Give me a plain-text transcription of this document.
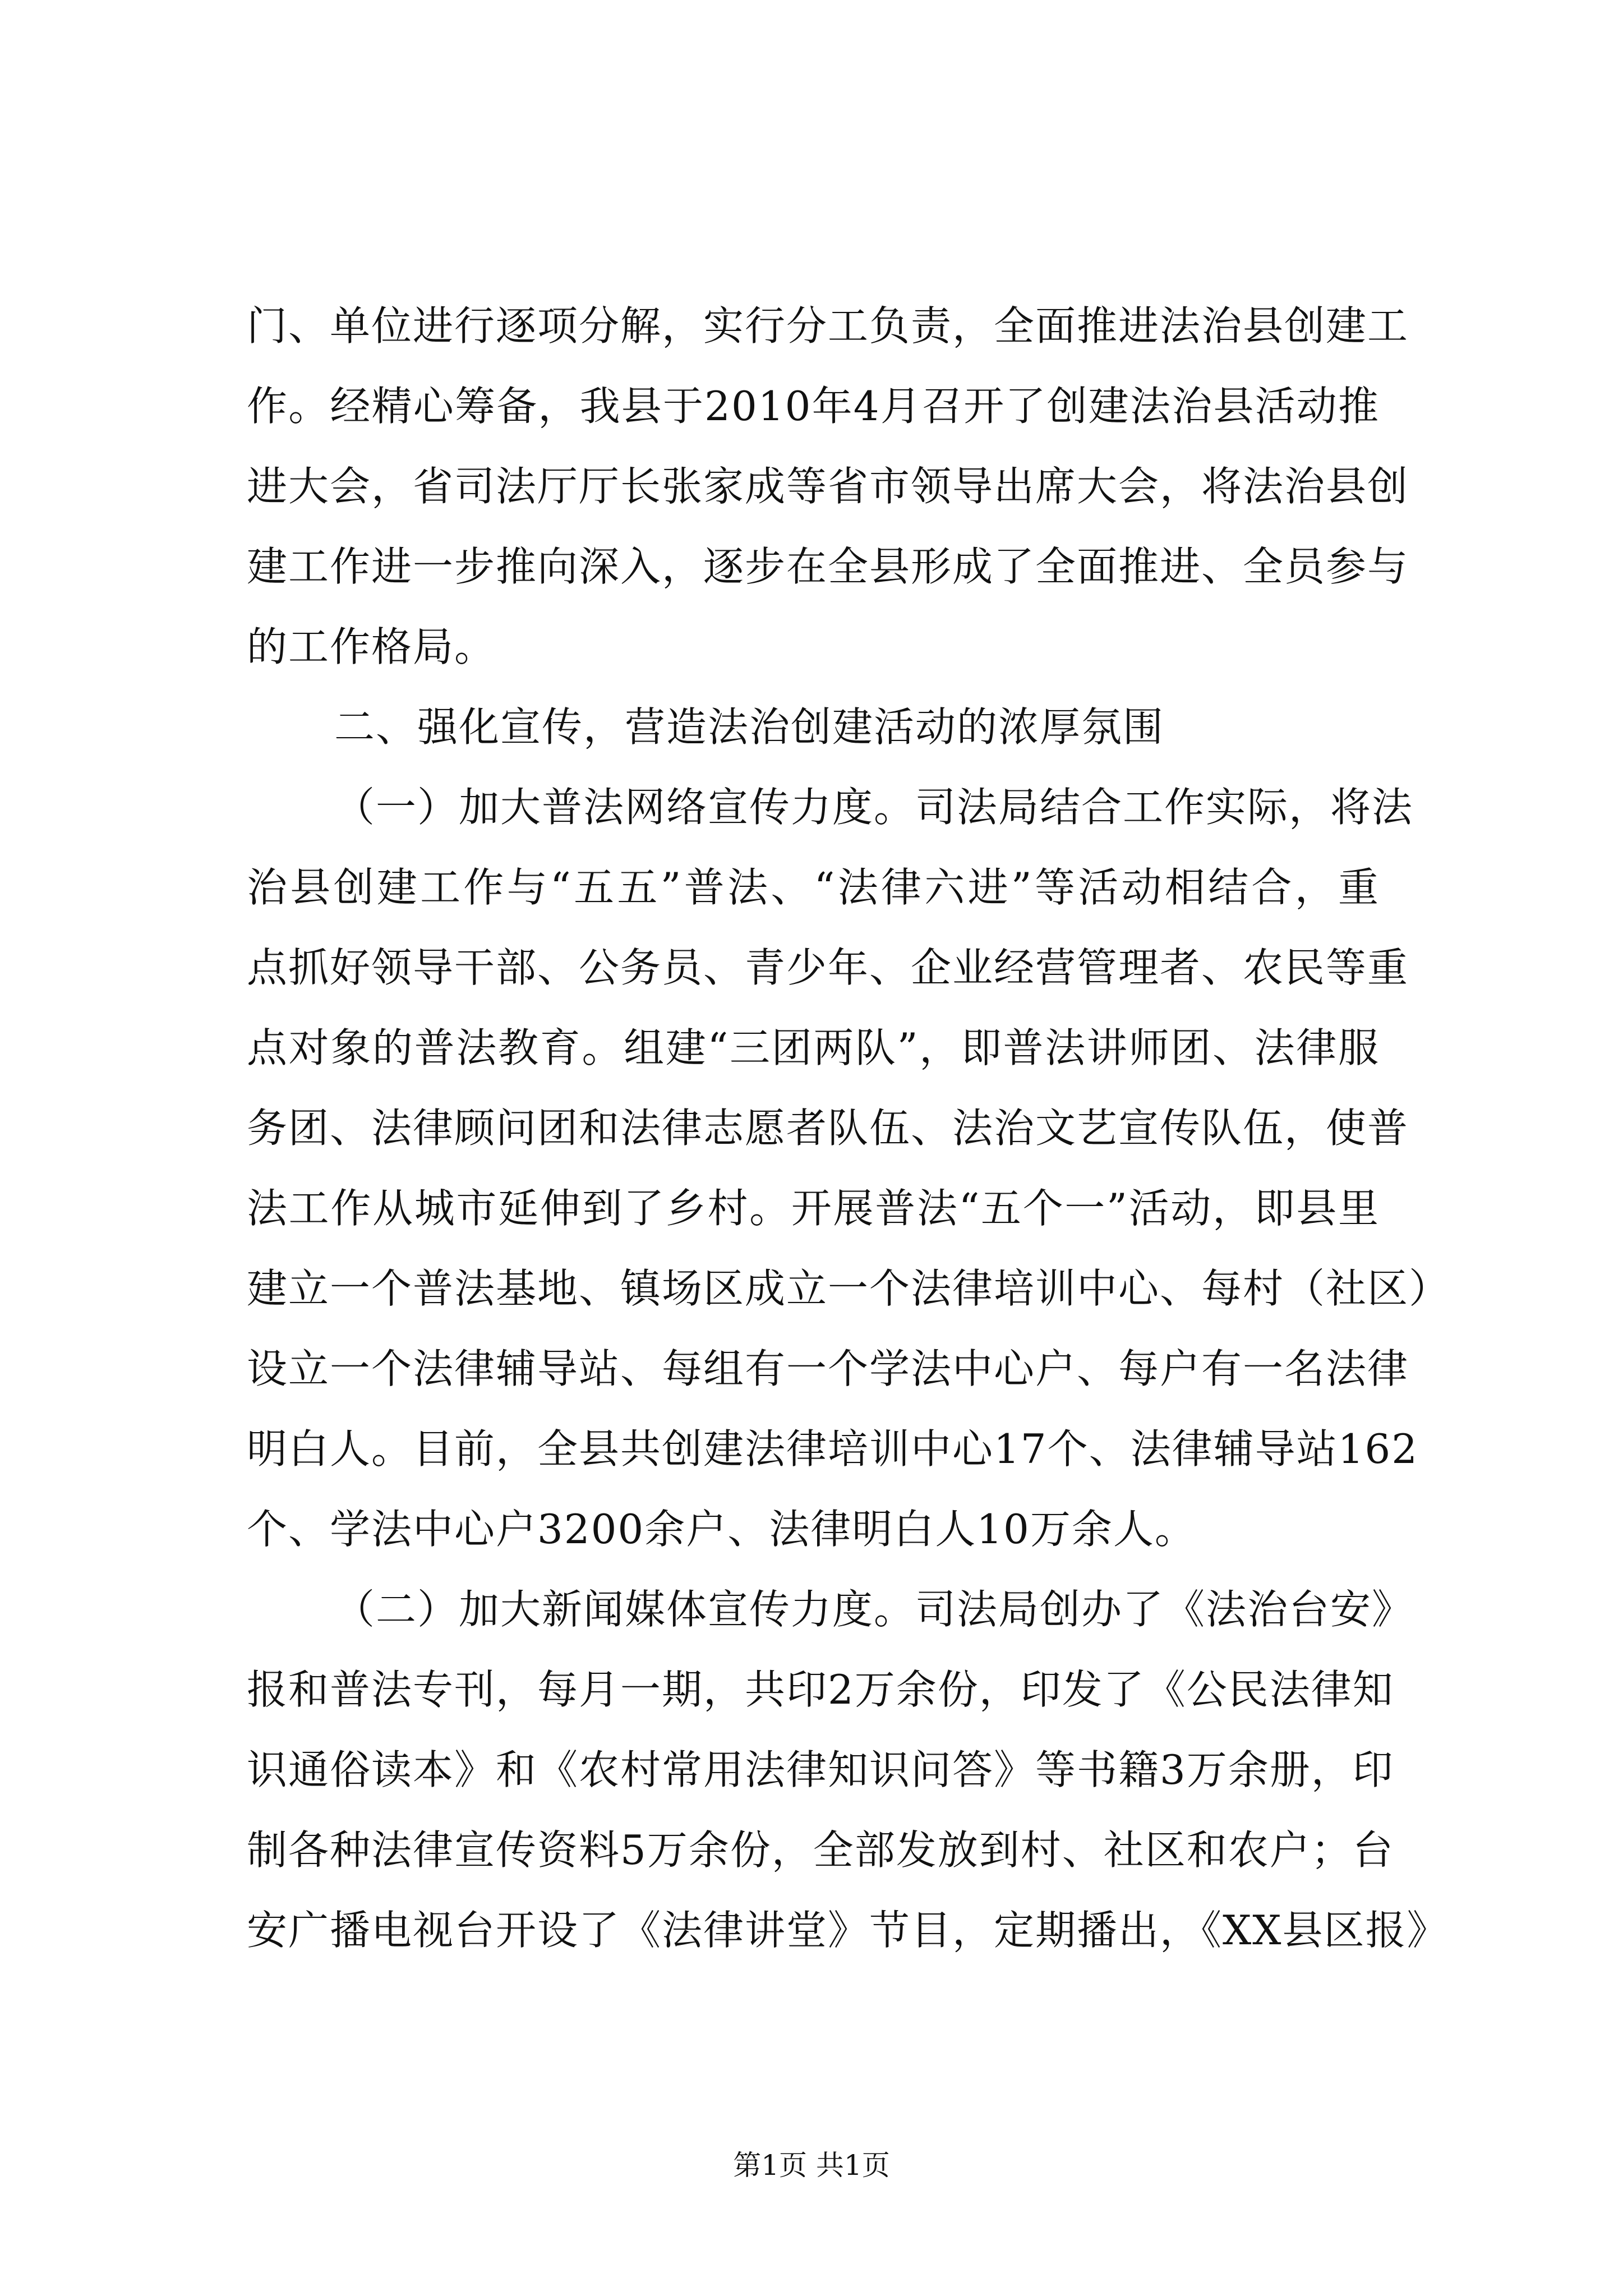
门、单位进行逐项分解，实行分工负责，全面推进法治县创建工
作。经精心筹备，我县于2010年4月召开了创建法治县活动推
进大会，省司法厅厅长张家成等省市领导出席大会，将法治县创
建工作进一步推向深入，逐步在全县形成了全面推进、全员参与
的工作格局。
二、强化宣传，营造法治创建活动的浓厚氛围
（一）加大普法网络宣传力度。司法局结合工作实际，将法
治县创建工作与“五五”普法、“法律六进”等活动相结合，重
点抓好领导干部、公务员、青少年、企业经营管理者、农民等重
点对象的普法教育。组建“三团两队”，即普法讲师团、法律服
务团、法律顾问团和法律志愿者队伍、法治文艺宣传队伍，使普
法工作从城市延伸到了乡村。开展普法“五个一”活动，即县里
建立一个普法基地、镇场区成立一个法律培训中心、每村（社区）
设立一个法律辅导站、每组有一个学法中心户、每户有一名法律
明白人。目前，全县共创建法律培训中心17个、法律辅导站162
个、学法中心户3200余户、法律明白人10万余人。
（二）加大新闻媒体宣传力度。司法局创办了《法治台安》
报和普法专刊，每月一期，共印2万余份，印发了《公民法律知
识通俗读本》和《农村常用法律知识问答》等书籍3万余册，印
制各种法律宣传资料5万余份，全部发放到村、社区和农户；台
安广播电视台开设了《法律讲堂》节目，定期播出，《XX县区报》
第1页 共1页
